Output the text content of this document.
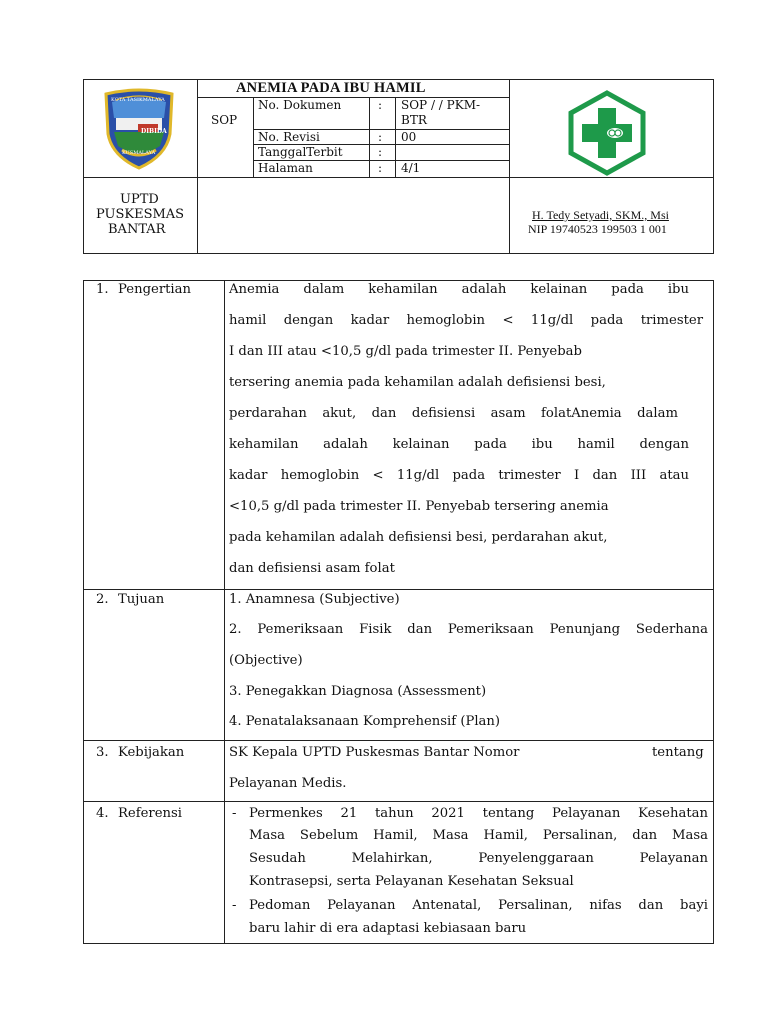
KOTA TASIKMALAYA
DIBIDA
KUSMALAYA
ANEMIA PADA IBU HAMIL
SOP
No. Dokumen	: SOP / / PKM-
BTR
No. Revisi	: 00
TanggalTerbit	:
Halaman	: 4/1
UPTD
PUSKESMAS
BANTAR
H. Tedy Setyadi, SKM., Msi
NIP 19740523 199503 1 001
1. Pengertian	Anemia dalam kehamilan adalah kelainan pada ibu
hamil dengan kadar hemoglobin < 11g/dl pada trimester
I dan III atau <10,5 g/dl pada trimester II. Penyebab
tersering anemia pada kehamilan adalah defisiensi besi,
perdarahan akut, dan defisiensi asam folatAnemia dalam
kehamilan adalah kelainan pada ibu hamil dengan
kadar hemoglobin < 11g/dl pada trimester I dan III atau
<10,5 g/dl pada trimester II. Penyebab tersering anemia
pada kehamilan adalah defisiensi besi, perdarahan akut,
dan defisiensi asam folat
2. Tujuan	1. Anamnesa (Subjective)
2. Pemeriksaan Fisik dan Pemeriksaan Penunjang Sederhana
(Objective)
3. Penegakkan Diagnosa (Assessment)
4. Penatalaksanaan Komprehensif (Plan)
3. Kebijakan	SK Kepala UPTD Puskesmas Bantar Nomor	tentang
Pelayanan Medis.
4. Referensi	- Permenkes 21 tahun 2021 tentang Pelayanan Kesehatan
Masa Sebelum Hamil, Masa Hamil, Persalinan, dan Masa
Sesudah Melahirkan, Penyelenggaraan Pelayanan
Kontrasepsi, serta Pelayanan Kesehatan Seksual
- Pedoman Pelayanan Antenatal, Persalinan, nifas dan bayi
baru lahir di era adaptasi kebiasaan baru
